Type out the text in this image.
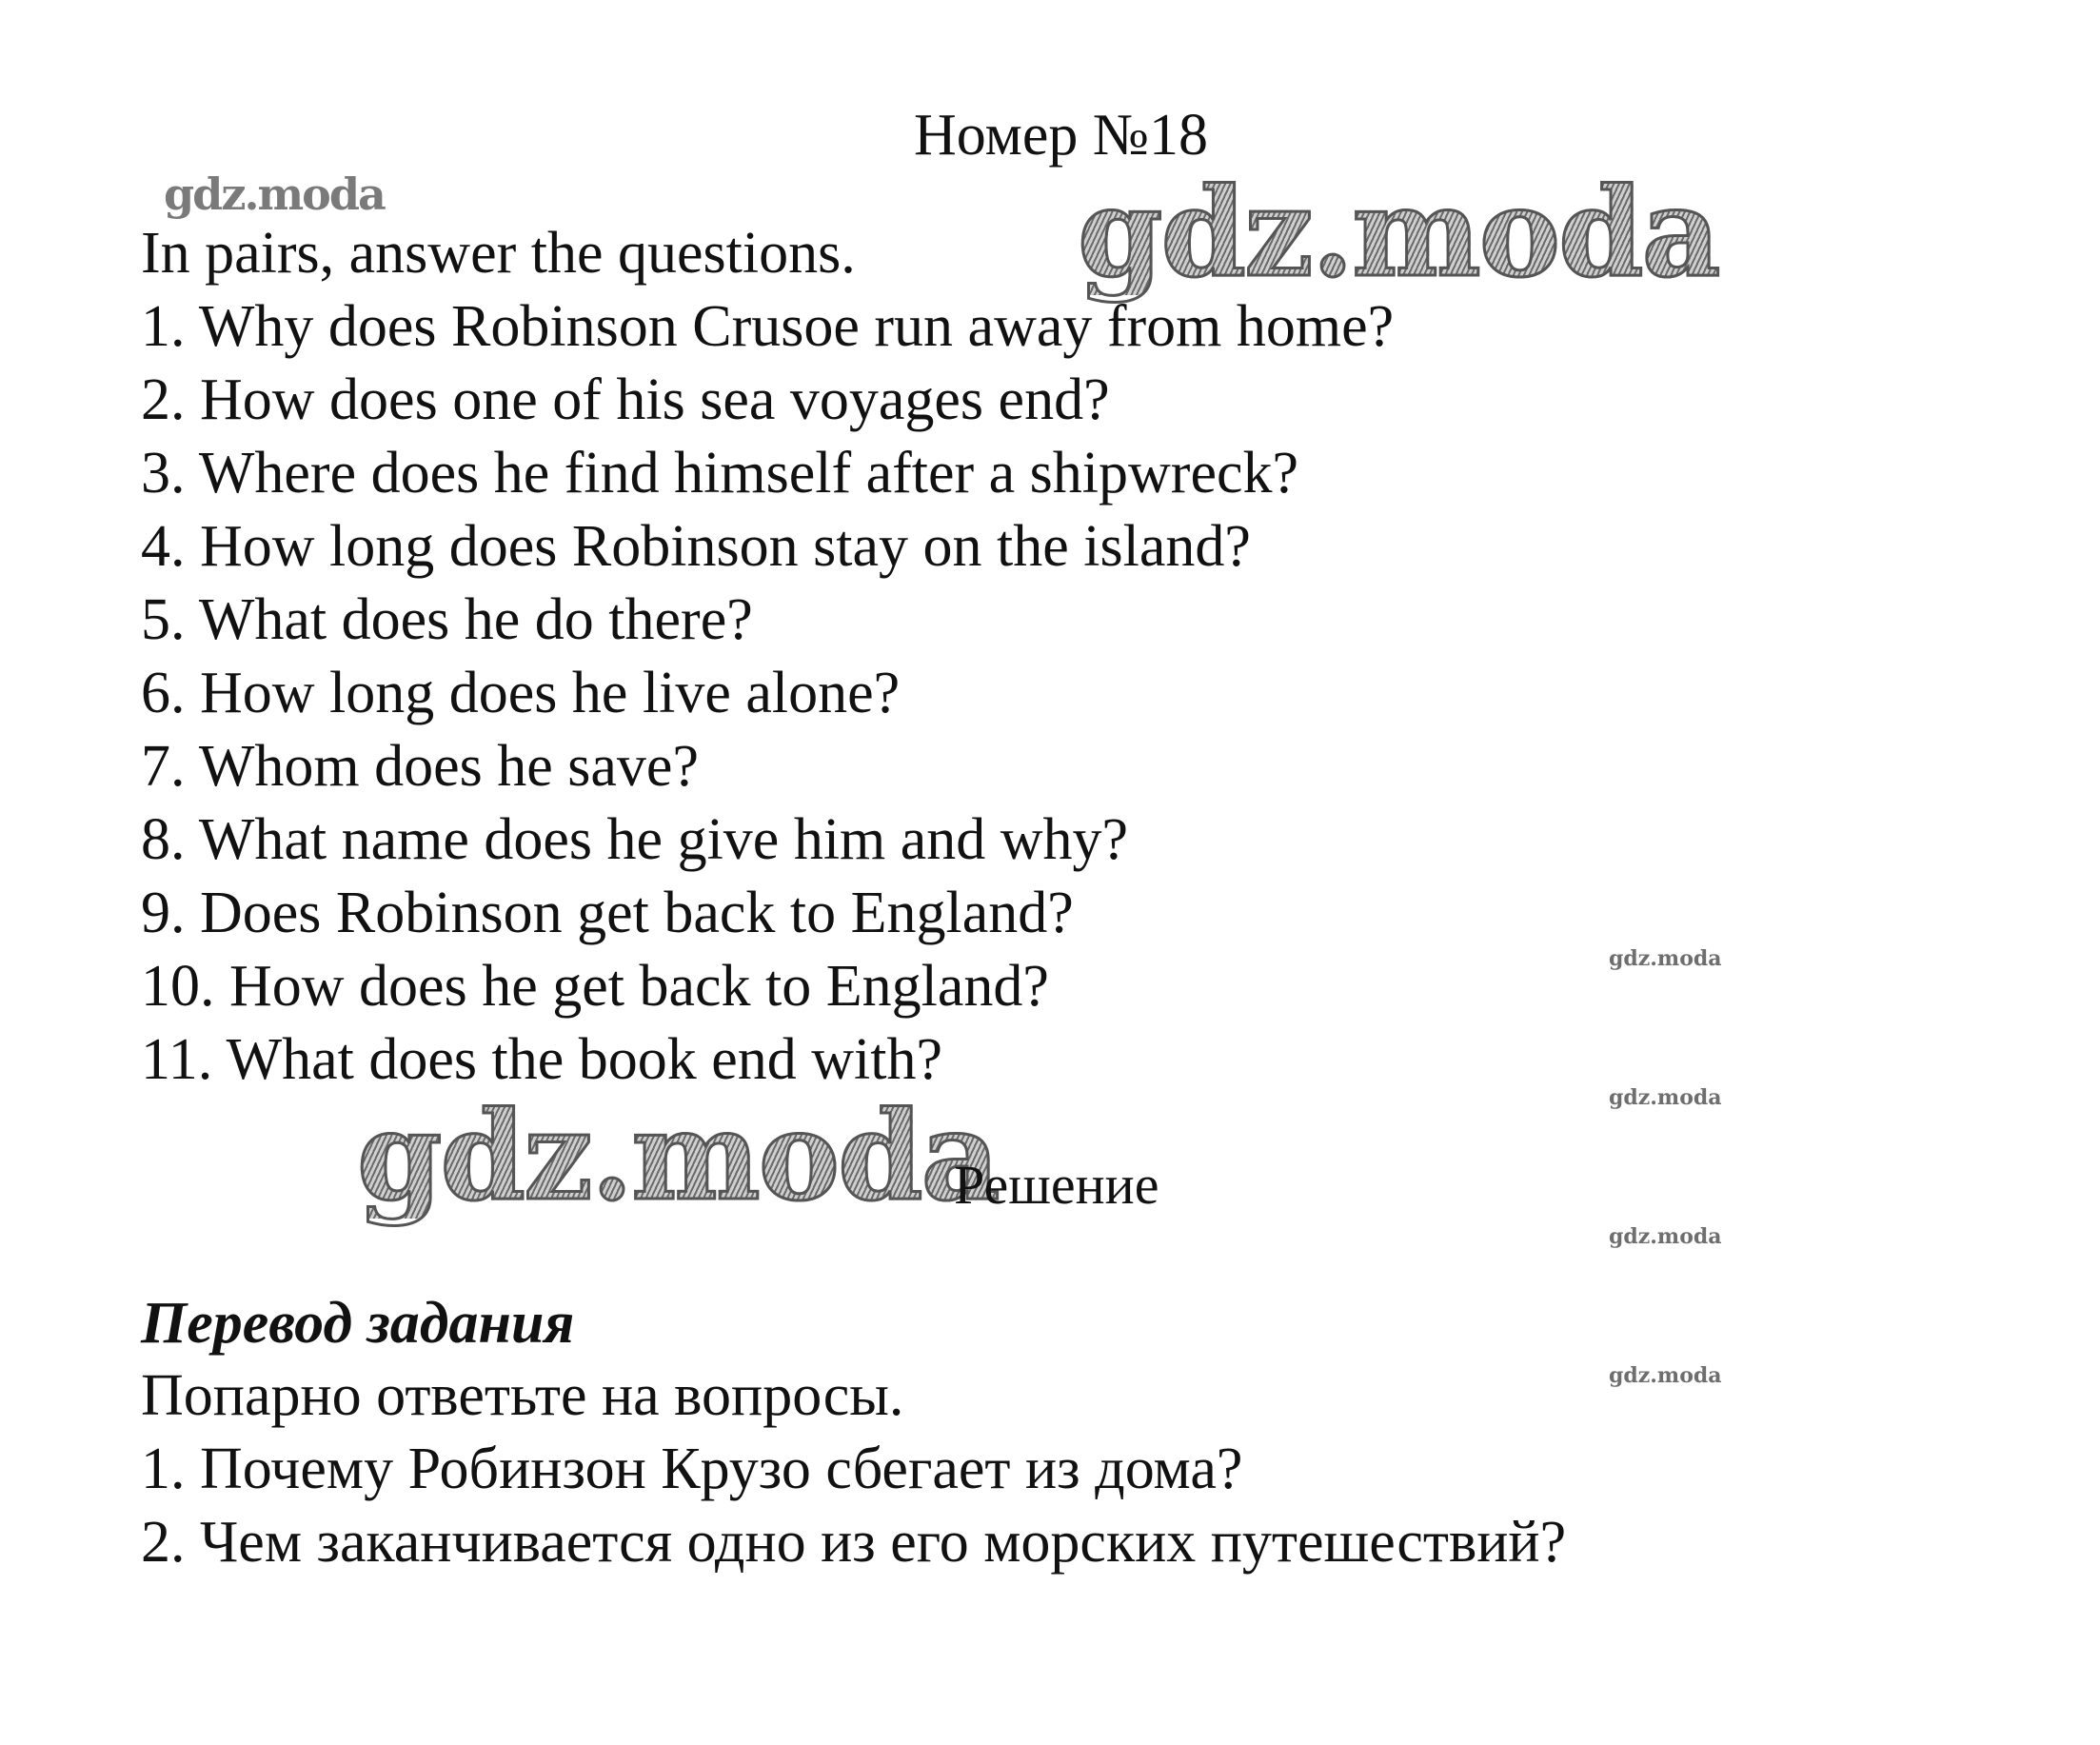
gdz.moda	gdz.moda
gdz.moda
gdz.moda
gdz.moda
gdz.moda
gdz.moda
Номер №18
In pairs, answer the questions.
1. Why does Robinson Crusoe run away from home?
2. How does one of his sea voyages end?
3. Where does he find himself after a shipwreck?
4. How long does Robinson stay on the island?
5. What does he do there?
6. How long does he live alone?
7. Whom does he save?
8. What name does he give him and why?
9. Does Robinson get back to England?
10. How does he get back to England?
11. What does the book end with?
Решение
Перевод задания
Попарно ответьте на вопросы.
1. Почему Робинзон Крузо сбегает из дома?
2. Чем заканчивается одно из его морских путешествий?
